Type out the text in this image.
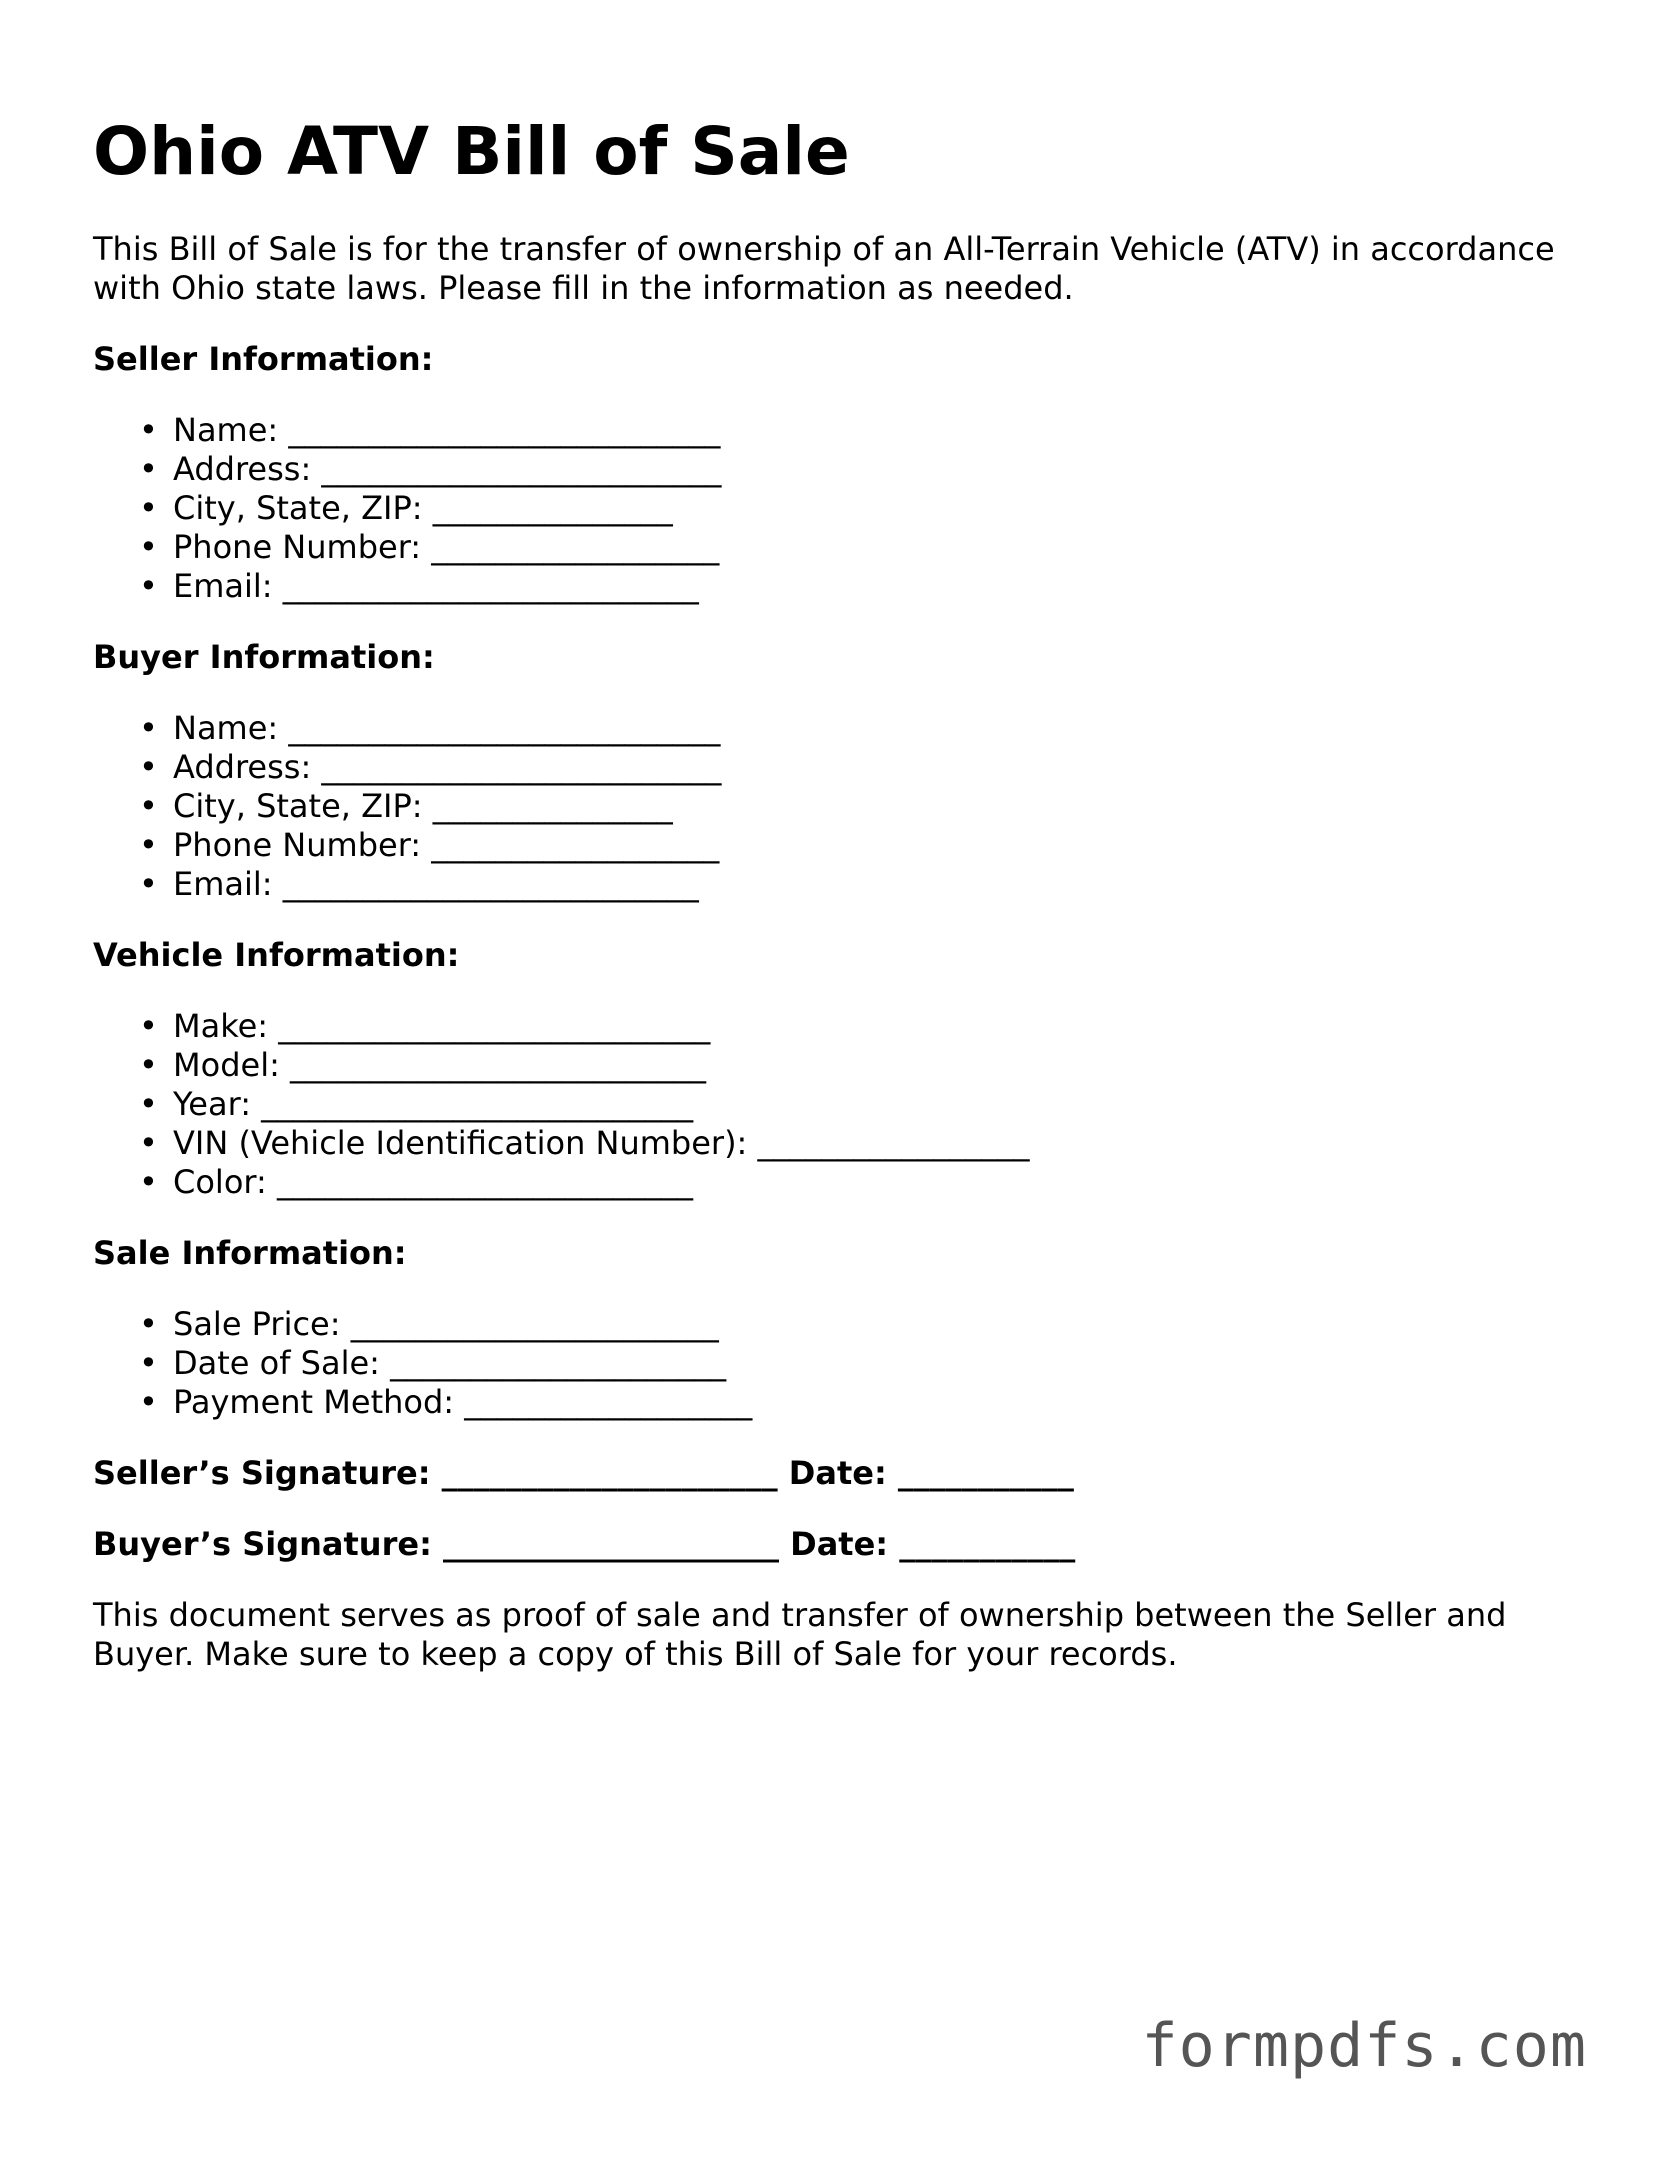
Ohio ATV Bill of Sale

This Bill of Sale is for the transfer of ownership of an All-Terrain Vehicle (ATV) in accordance with Ohio state laws. Please fill in the information as needed.

Seller Information:
• Name: ___________________________
• Address: _________________________
• City, State, ZIP: _______________
• Phone Number: __________________
• Email: __________________________
Buyer Information:
• Name: ___________________________
• Address: _________________________
• City, State, ZIP: _______________
• Phone Number: __________________
• Email: __________________________
Vehicle Information:
• Make: ___________________________
• Model: __________________________
• Year: ___________________________
• VIN (Vehicle Identification Number): _________________
• Color: __________________________
Sale Information:
• Sale Price: _______________________
• Date of Sale: _____________________
• Payment Method: __________________
Seller’s Signature: _____________________ Date: ___________
Buyer’s Signature: _____________________ Date: ___________

This document serves as proof of sale and transfer of ownership between the Seller and Buyer. Make sure to keep a copy of this Bill of Sale for your records.

formpdfs.com
